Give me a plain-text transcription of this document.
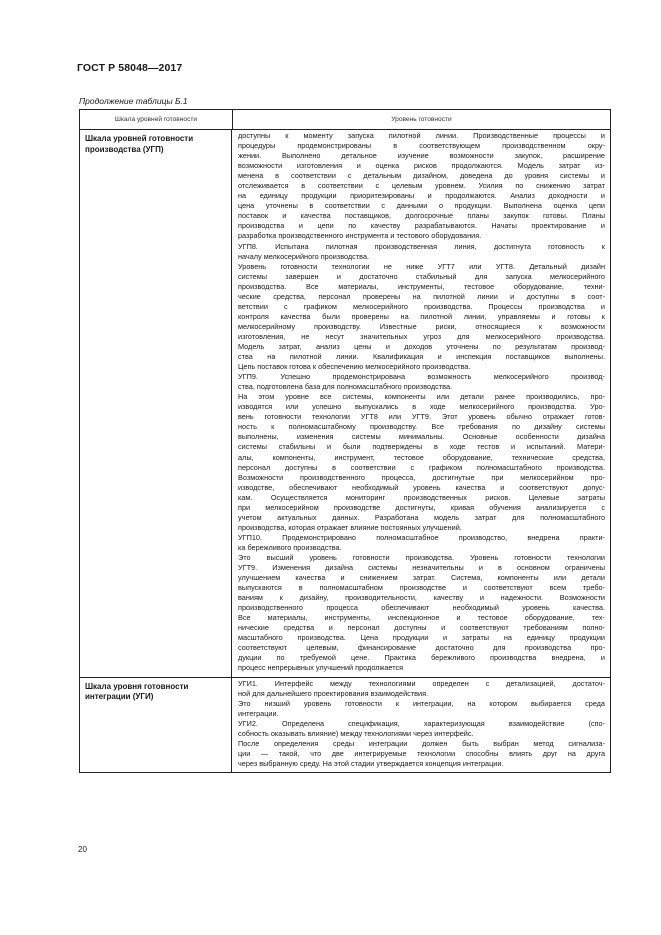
ГОСТ Р 58048—2017
Продолжение таблицы Б.1
Шкала уровней готовности	Уровень готовности
Шкала уровней готовности
производства (УГП)
доступны к моменту запуска пилотной линии. Производственные процессы и
процедуры продемонстрированы в соответствующем производственном окру-
жении. Выполнено детальное изучение возможности закупок, расширение
возможности изготовления и оценка рисков продолжаются. Модель затрат из-
менена в соответствии с детальным дизайном, доведена до уровня системы и
отслеживается в соответствии с целевым уровнем. Усилия по снижению затрат
на единицу продукции приоритезированы и продолжаются. Анализ доходности и
цена уточнены в соответствии с данными о продукции. Выполнена оценка цепи
поставок и качества поставщиков, долгосрочные планы закупок готовы. Планы
производства и цепи по качеству разрабатываются. Начаты проектирование и
разработка производственного инструмента и тестового оборудования.
УГП8. Испытана пилотная производственная линия, достигнута готовность к
началу мелкосерийного производства.
Уровень готовности технологии не ниже УГТ7 или УГТ8. Детальный дизайн
системы завершен и достаточно стабильный для запуска мелкосерийного
производства. Все материалы, инструменты, тестовое оборудование, техни-
ческие средства, персонал проверены на пилотной линии и доступны в соот-
ветствии с графиком мелкосерийного производства. Процессы производства и
контроля качества были проверены на пилотной линии, управляемы и готовы к
мелкосерийному производству. Известные риски, относящиеся к возможности
изготовления, не несут значительных угроз для мелкосерийного производства.
Модель затрат, анализ цены и доходов уточнены по результатам производ-
ства на пилотной линии. Квалификация и инспекция поставщиков выполнены.
Цепь поставок готова к обеспечению мелкосерийного производства.
УГП9. Успешно продемонстрирована возможность мелкосерийного производ-
ства, подготовлена база для полномасштабного производства.
На этом уровне все системы, компоненты или детали ранее производились, про-
изводятся или успешно выпускались в ходе мелкосерийного производства. Уро-
вень готовности технологии УГТ8 или УГТ9. Этот уровень обычно отражает готов-
ность к полномасштабному производству. Все требования по дизайну системы
выполнены, изменения системы минимальны. Основные особенности дизайна
системы стабильны и были подтверждены в ходе тестов и испытаний. Матери-
алы, компоненты, инструмент, тестовое оборудование, технические средства,
персонал доступны в соответствии с графиком полномасштабного производства.
Возможности производственного процесса, достигнутые при мелкосерийном про-
изводстве, обеспечивают необходимый уровень качества и соответствуют допус-
кам. Осуществляется мониторинг производственных рисков. Целевые затраты
при мелкосерийном производстве достигнуты, кривая обучения анализируется с
учетом актуальных данных. Разработана модель затрат для полномасштабного
производства, которая отражает влияние постоянных улучшений.
УГП10. Продемонстрировано полномасштабное производство, внедрена практи-
ка бережливого производства.
Это высший уровень готовности производства. Уровень готовности технологии
УГТ9. Изменения дизайна системы незначительны и в основном ограничены
улучшением качества и снижением затрат. Система, компоненты или детали
выпускаются в полномасштабном производстве и соответствуют всем требо-
ваниям к дизайну, производительности, качеству и надежности. Возможности
производственного процесса обеспечивают необходимый уровень качества.
Все материалы, инструменты, инспекционное и тестовое оборудование, тех-
нические средства и персонал доступны и соответствуют требованиям полно-
масштабного производства. Цена продукции и затраты на единицу продукции
соответствуют целевым, финансирование достаточно для производства про-
дукции по требуемой цене. Практика бережливого производства внедрена, и
процесс непрерывных улучшений продолжается
Шкала уровня готовности
интеграции (УГИ)
УГИ1. Интерфейс между технологиями определен с детализацией, достаточ-
ной для дальнейшего проектирования взаимодействия.
Это низший уровень готовности к интеграции, на котором выбирается среда
интеграции.
УГИ2. Определена спецификация, характеризующая взаимодействие (спо-
собность оказывать влияние) между технологиями через интерфейс.
После определения среды интеграции должен быть выбран метод сигнализа-
ции — такой, что две интегрируемые технологии способны влиять друг на друга
через выбранную среду. На этой стадии утверждается концепция интеграции.
20
